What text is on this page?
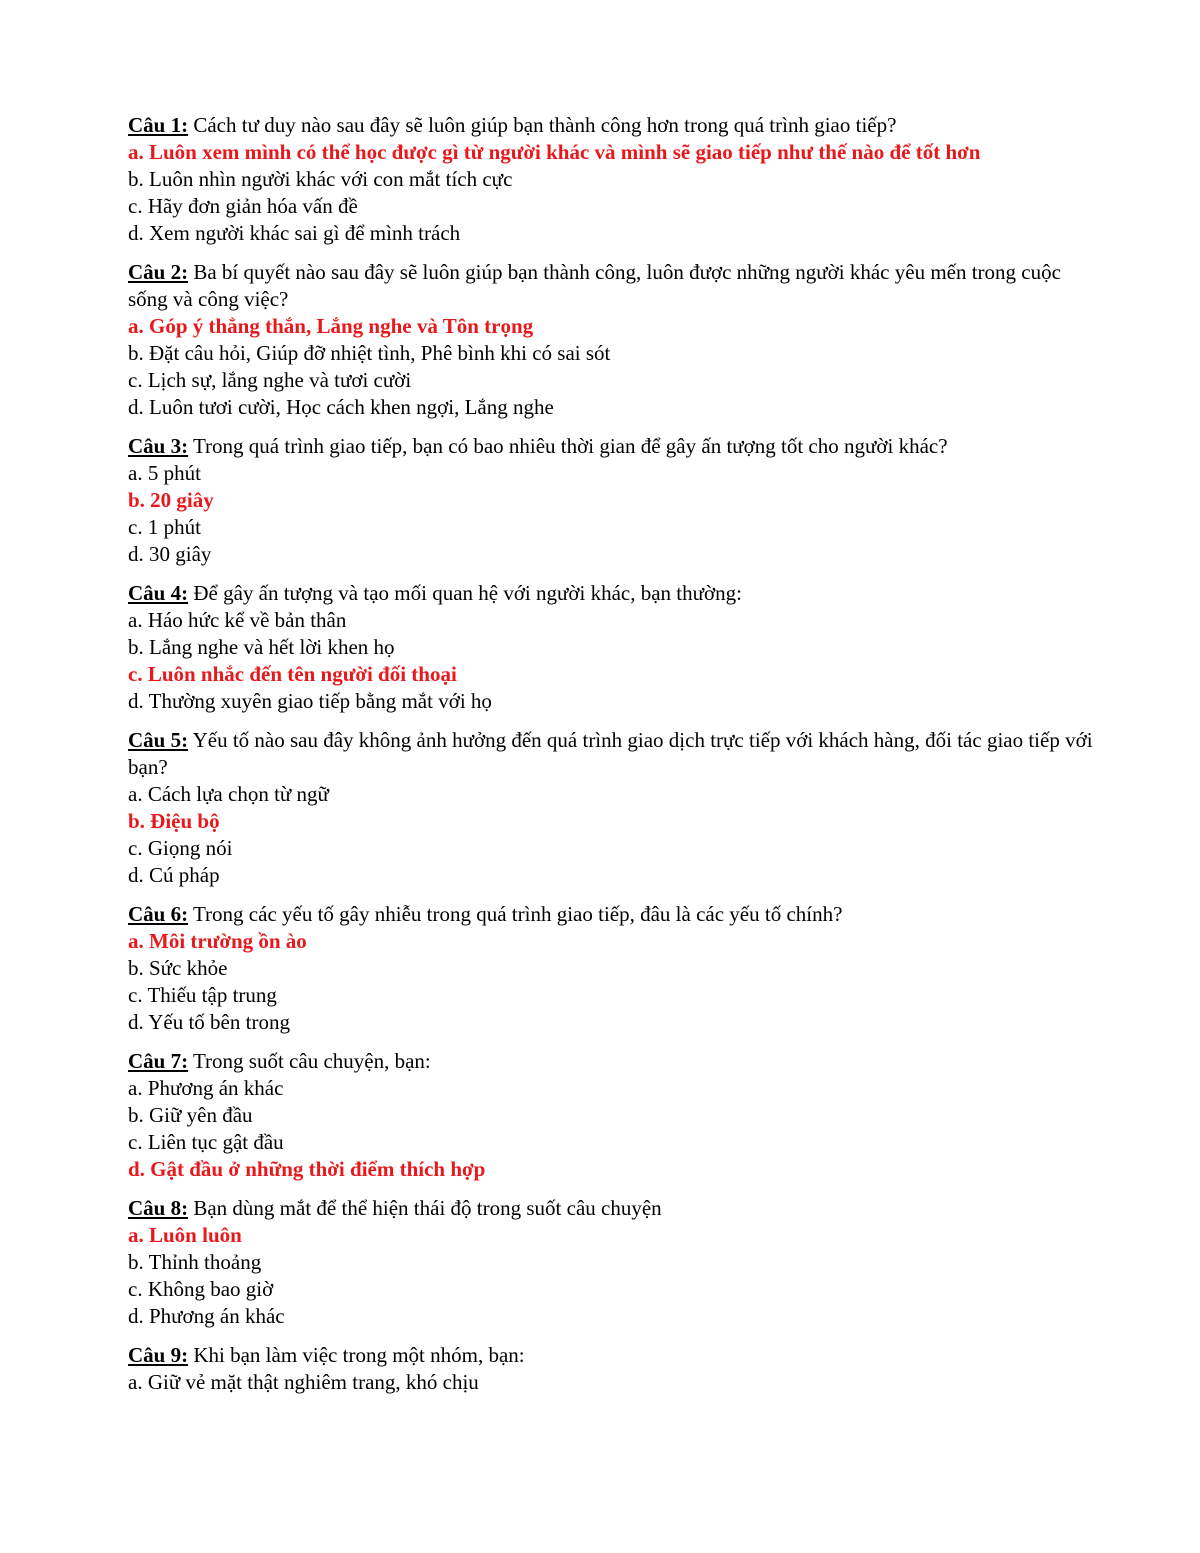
Câu 1: Cách tư duy nào sau đây sẽ luôn giúp bạn thành công hơn trong quá trình giao tiếp?

a. Luôn xem mình có thể học được gì từ người khác và mình sẽ giao tiếp như thế nào để tốt hơn

b. Luôn nhìn người khác với con mắt tích cực

c. Hãy đơn giản hóa vấn đề

d. Xem người khác sai gì để mình trách

Câu 2: Ba bí quyết nào sau đây sẽ luôn giúp bạn thành công, luôn được những người khác yêu mến trong cuộc sống và công việc?

a. Góp ý thẳng thắn, Lắng nghe và Tôn trọng

b. Đặt câu hỏi, Giúp đỡ nhiệt tình, Phê bình khi có sai sót

c. Lịch sự, lắng nghe và tươi cười

d. Luôn tươi cười, Học cách khen ngợi, Lắng nghe

Câu 3: Trong quá trình giao tiếp, bạn có bao nhiêu thời gian để gây ấn tượng tốt cho người khác?

a. 5 phút

b. 20 giây

c. 1 phút

d. 30 giây

Câu 4: Để gây ấn tượng và tạo mối quan hệ với người khác, bạn thường:

a. Háo hức kể về bản thân

b. Lắng nghe và hết lời khen họ

c. Luôn nhắc đến tên người đối thoại

d. Thường xuyên giao tiếp bằng mắt với họ

Câu 5: Yếu tố nào sau đây không ảnh hưởng đến quá trình giao dịch trực tiếp với khách hàng, đối tác giao tiếp với bạn?

a. Cách lựa chọn từ ngữ

b. Điệu bộ

c. Giọng nói

d. Cú pháp

Câu 6: Trong các yếu tố gây nhiễu trong quá trình giao tiếp, đâu là các yếu tố chính?

a. Môi trường ồn ào

b. Sức khỏe

c. Thiếu tập trung

d. Yếu tố bên trong

Câu 7: Trong suốt câu chuyện, bạn:

a. Phương án khác

b. Giữ yên đầu

c. Liên tục gật đầu

d. Gật đầu ở những thời điểm thích hợp

Câu 8: Bạn dùng mắt để thể hiện thái độ trong suốt câu chuyện

a. Luôn luôn

b. Thỉnh thoảng

c. Không bao giờ

d. Phương án khác

Câu 9: Khi bạn làm việc trong một nhóm, bạn:

a. Giữ vẻ mặt thật nghiêm trang, khó chịu
